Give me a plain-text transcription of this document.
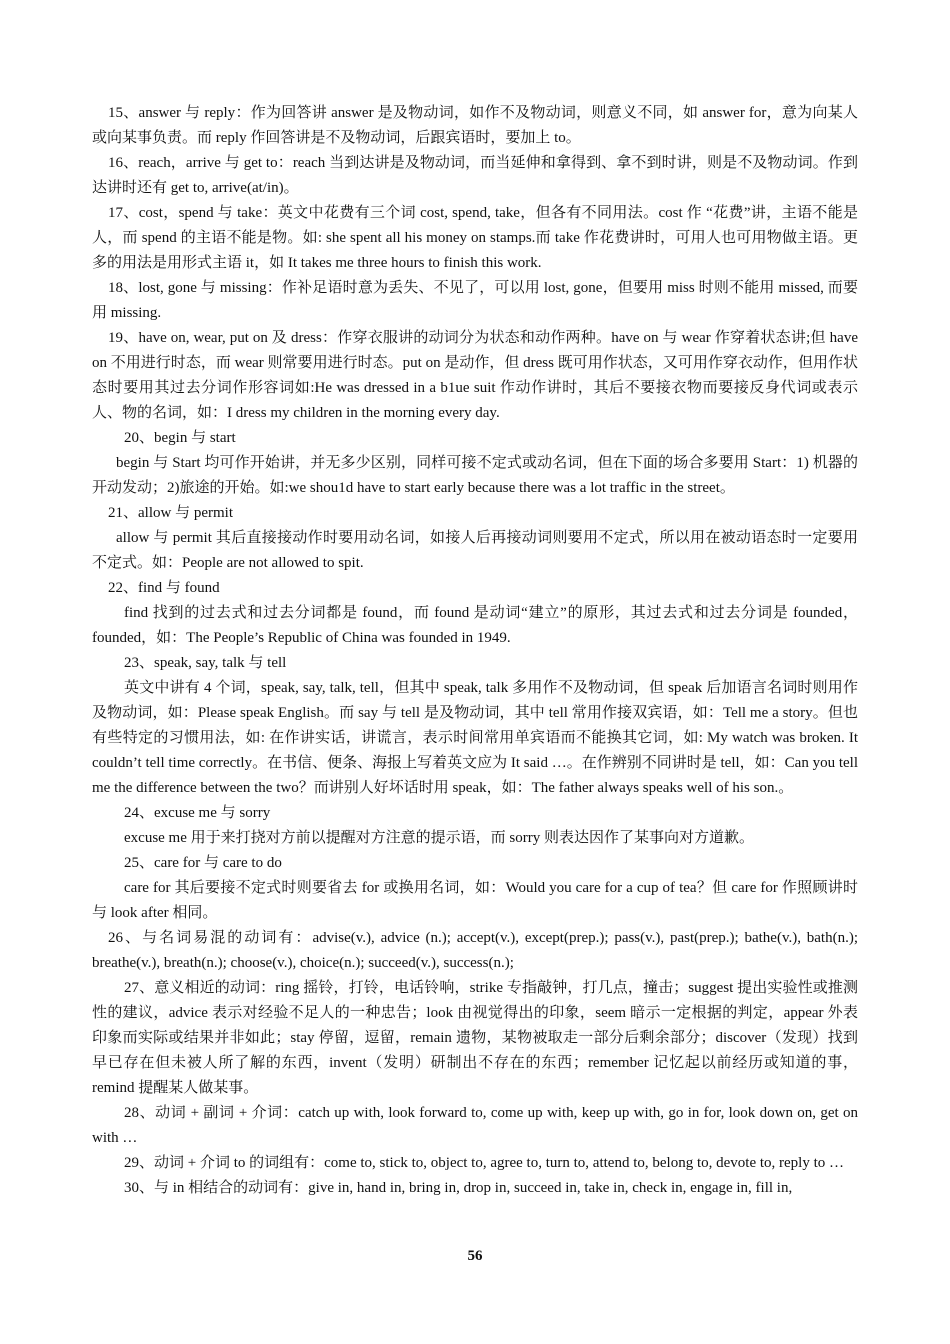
15、answer 与 reply：作为回答讲 answer 是及物动词，如作不及物动词，则意义不同，如 answer for，意为向某人或向某事负责。而 reply 作回答讲是不及物动词，后跟宾语时，要加上 to。

16、reach，arrive 与 get to：reach 当到达讲是及物动词，而当延伸和拿得到、拿不到时讲，则是不及物动词。作到达讲时还有 get to, arrive(at/in)。

17、cost，spend 与 take：英文中花费有三个词 cost, spend, take，但各有不同用法。cost 作 “花费”讲，主语不能是人，而 spend 的主语不能是物。如: she spent all his money on stamps.而 take 作花费讲时，可用人也可用物做主语。更多的用法是用形式主语 it，如 It takes me three hours to finish this work.

18、lost, gone 与 missing：作补足语时意为丢失、不见了，可以用 lost, gone，但要用 miss 时则不能用 missed, 而要用 missing.

19、have on, wear, put on 及 dress：作穿衣服讲的动词分为状态和动作两种。have on 与 wear 作穿着状态讲;但 have on 不用进行时态，而 wear 则常要用进行时态。put on 是动作，但 dress 既可用作状态，又可用作穿衣动作，但用作状态时要用其过去分词作形容词如:He was dressed in a b1ue suit 作动作讲时，其后不要接衣物而要接反身代词或表示人、物的名词，如：I dress my children in the morning every day.

20、begin 与 start

begin 与 Start 均可作开始讲，并无多少区别，同样可接不定式或动名词，但在下面的场合多要用 Start：1) 机器的开动发动；2)旅途的开始。如:we shou1d have to start early because there was a lot traffic in the street。

21、allow 与 permit

allow 与 permit 其后直接接动作时要用动名词，如接人后再接动词则要用不定式，所以用在被动语态时一定要用不定式。如：People are not allowed to spit.

22、find 与 found

find 找到的过去式和过去分词都是 found，而 found 是动词“建立”的原形，其过去式和过去分词是 founded，founded，如：The People’s Republic of China was founded in 1949.

23、speak, say, talk 与 tell

英文中讲有 4 个词，speak, say, talk, tell，但其中 speak, talk 多用作不及物动词，但 speak 后加语言名词时则用作及物动词，如：Please speak English。而 say 与 tell 是及物动词，其中 tell 常用作接双宾语，如：Tell me a story。但也有些特定的习惯用法，如: 在作讲实话，讲谎言，表示时间常用单宾语而不能换其它词，如: My watch was broken. It couldn’t tell time correctly。在书信、便条、海报上写着英文应为 It said …。在作辨别不同讲时是 tell，如：Can you tell me the difference between the two？而讲别人好坏话时用 speak，如：The father always speaks well of his son.。

24、excuse me 与 sorry

excuse me 用于来打挠对方前以提醒对方注意的提示语，而 sorry 则表达因作了某事向对方道歉。

25、care for 与 care to do

care for 其后要接不定式时则要省去 for 或换用名词，如：Would you care for a cup of tea？但 care for 作照顾讲时与 look after 相同。

26、与名词易混的动词有：advise(v.), advice (n.); accept(v.), except(prep.); pass(v.), past(prep.); bathe(v.), bath(n.); breathe(v.), breath(n.); choose(v.), choice(n.); succeed(v.), success(n.);

27、意义相近的动词：ring 摇铃，打铃，电话铃响，strike 专指敲钟，打几点，撞击；suggest 提出实验性或推测性的建议，advice 表示对经验不足人的一种忠告；look 由视觉得出的印象，seem 暗示一定根据的判定，appear 外表印象而实际或结果并非如此；stay 停留，逗留，remain 遗物，某物被取走一部分后剩余部分；discover（发现）找到早已存在但未被人所了解的东西，invent（发明）研制出不存在的东西；remember 记忆起以前经历或知道的事，remind 提醒某人做某事。

28、动词 + 副词 + 介词：catch up with, look forward to, come up with, keep up with, go in for, look down on, get on with …

29、动词 + 介词 to 的词组有：come to, stick to, object to, agree to, turn to, attend to, belong to, devote to, reply to …

30、与 in 相结合的动词有：give in, hand in, bring in, drop in, succeed in, take in, check in, engage in, fill in,

56
